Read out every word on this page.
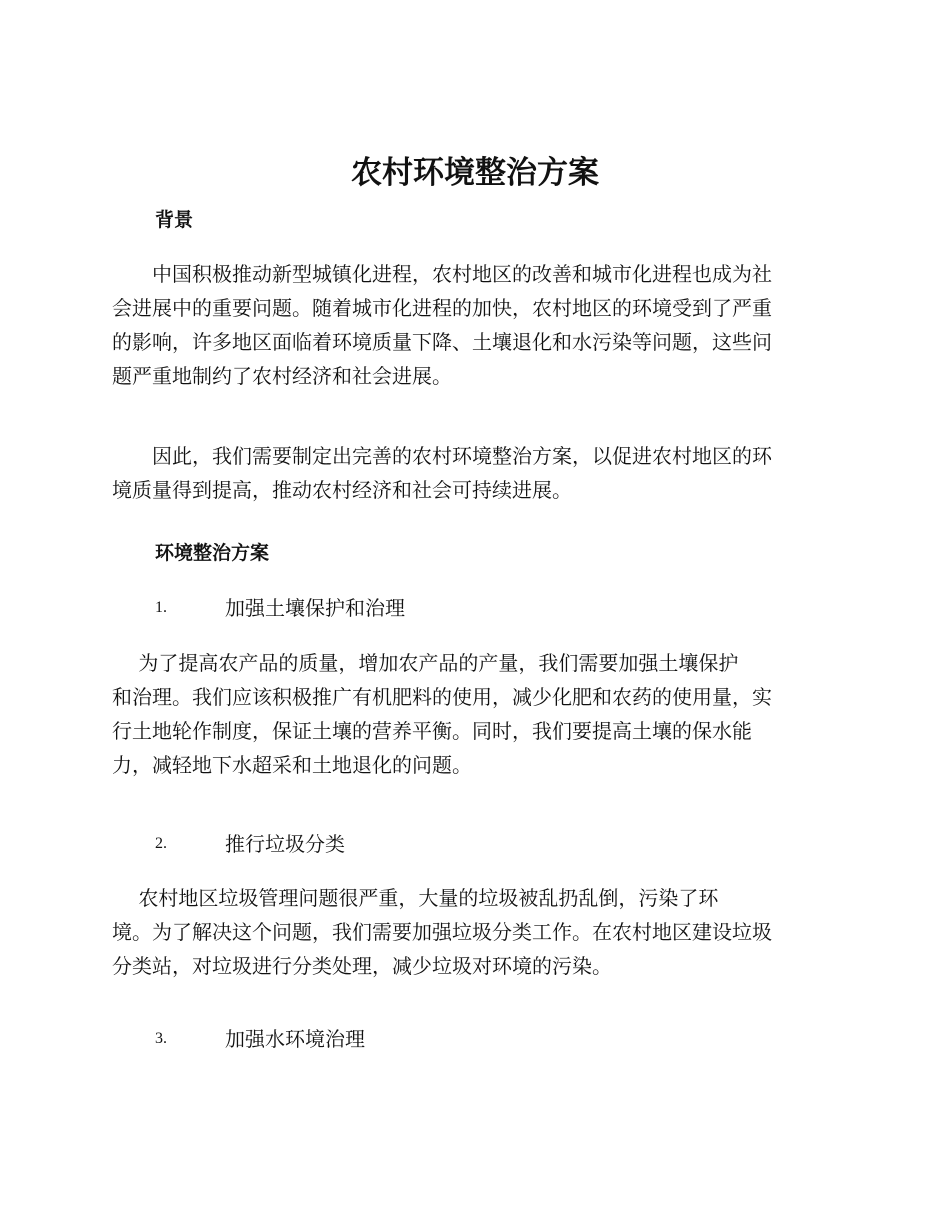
农村环境整治方案
背景

　　中国积极推动新型城镇化进程，农村地区的改善和城市化进程也成为社
会进展中的重要问题。随着城市化进程的加快，农村地区的环境受到了严重
的影响，许多地区面临着环境质量下降、土壤退化和水污染等问题，这些问
题严重地制约了农村经济和社会进展。

　　因此，我们需要制定出完善的农村环境整治方案，以促进农村地区的环
境质量得到提高，推动农村经济和社会可持续进展。

环境整治方案
1.	加强土壤保护和治理

　 为了提高农产品的质量，增加农产品的产量，我们需要加强土壤保护
和治理。我们应该积极推广有机肥料的使用，减少化肥和农药的使用量，实
行土地轮作制度，保证土壤的营养平衡。同时，我们要提高土壤的保水能
力，减轻地下水超采和土地退化的问题。

2.	推行垃圾分类

　 农村地区垃圾管理问题很严重，大量的垃圾被乱扔乱倒，污染了环
境。为了解决这个问题，我们需要加强垃圾分类工作。在农村地区建设垃圾
分类站，对垃圾进行分类处理，减少垃圾对环境的污染。

3.	加强水环境治理
